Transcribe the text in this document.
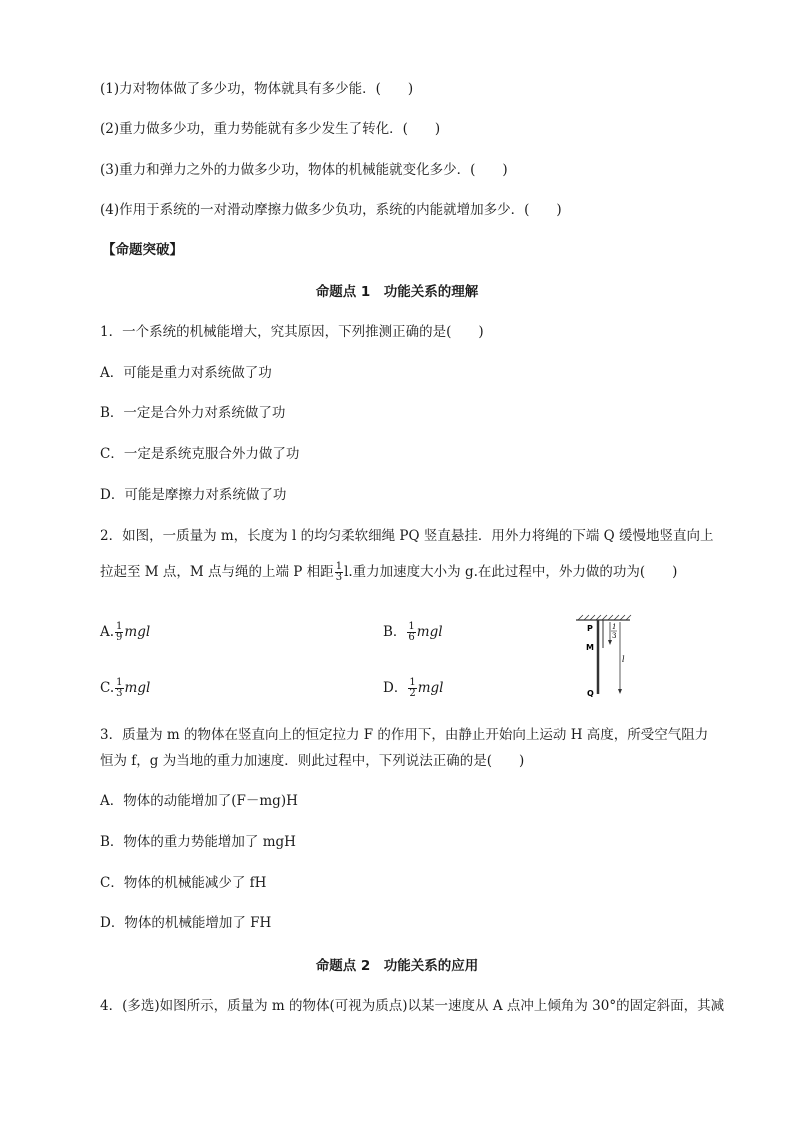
(1)力对物体做了多少功，物体就具有多少能．(　　)
(2)重力做多少功，重力势能就有多少发生了转化．(　　)
(3)重力和弹力之外的力做多少功，物体的机械能就变化多少．(　　)
(4)作用于系统的一对滑动摩擦力做多少负功，系统的内能就增加多少．(　　)
【命题突破】
命题点 1　功能关系的理解
1．一个系统的机械能增大，究其原因，下列推测正确的是(　　)
A．可能是重力对系统做了功
B．一定是合外力对系统做了功
C．一定是系统克服合外力做了功
D．可能是摩擦力对系统做了功
2．如图，一质量为 m，长度为 l 的均匀柔软细绳 PQ 竖直悬挂．用外力将绳的下端 Q 缓慢地竖直向上
拉起至 M 点，M 点与绳的上端 P 相距 $\frac{1}{3} l$.重力加速度大小为 g.在此过程中，外力做的功为(　　)
A. $\frac{1}{9}$ mgl	B． $\frac{1}{6}$ mgl
C. $\frac{1}{3}$ mgl	D． $\frac{1}{2}$ mgl
P
M
Q
1
3
l
3．质量为 m 的物体在竖直向上的恒定拉力 F 的作用下，由静止开始向上运动 H 高度，所受空气阻力
恒为 f，g 为当地的重力加速度．则此过程中，下列说法正确的是(　　)
A．物体的动能增加了(F－mg)H
B．物体的重力势能增加了 mgH
C．物体的机械能减少了 fH
D．物体的机械能增加了 FH
命题点 2　功能关系的应用
4．(多选)如图所示，质量为 m 的物体(可视为质点)以某一速度从 A 点冲上倾角为 30°的固定斜面，其减
